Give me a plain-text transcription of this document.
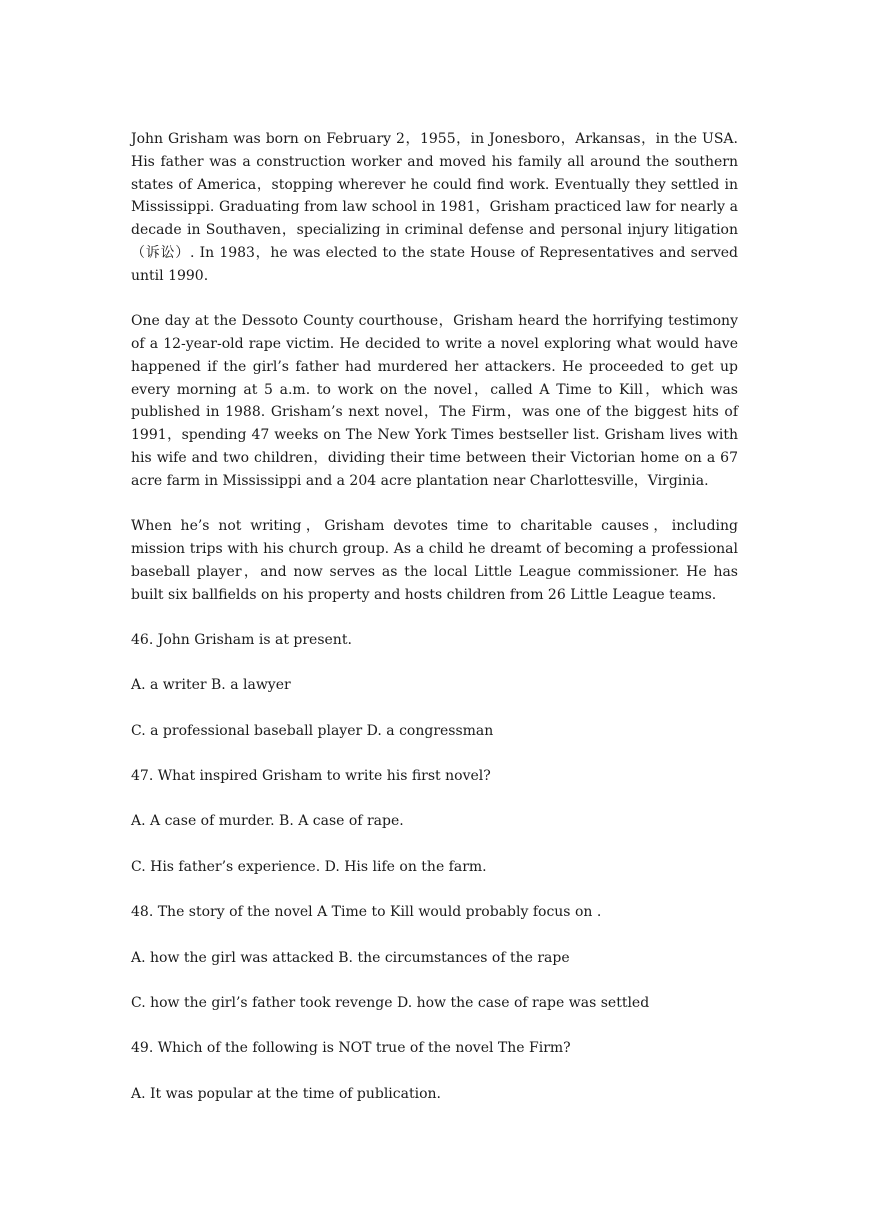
John Grisham was born on February 2，1955，in Jonesboro，Arkansas，in the USA. His father was a construction worker and moved his family all around the southern states of America，stopping wherever he could find work. Eventually they settled in Mississippi. Graduating from law school in 1981，Grisham practiced law for nearly a decade in Southaven，specializing in criminal defense and personal injury litigation（诉讼）. In 1983，he was elected to the state House of Representatives and served until 1990.

One day at the Dessoto County courthouse，Grisham heard the horrifying testimony of a 12-year-old rape victim. He decided to write a novel exploring what would have happened if the girl’s father had murdered her attackers. He proceeded to get up every morning at 5 a.m. to work on the novel，called A Time to Kill，which was published in 1988. Grisham’s next novel，The Firm，was one of the biggest hits of 1991，spending 47 weeks on The New York Times bestseller list. Grisham lives with his wife and two children，dividing their time between their Victorian home on a 67 acre farm in Mississippi and a 204 acre plantation near Charlottesville，Virginia.

When he’s not writing，Grisham devotes time to charitable causes，including mission trips with his church group. As a child he dreamt of becoming a professional baseball player，and now serves as the local Little League commissioner. He has built six ballfields on his property and hosts children from 26 Little League teams.

46. John Grisham is at present.
A. a writer B. a lawyer
C. a professional baseball player D. a congressman
47. What inspired Grisham to write his first novel?
A. A case of murder. B. A case of rape.
C. His father’s experience. D. His life on the farm.
48. The story of the novel A Time to Kill would probably focus on .
A. how the girl was attacked B. the circumstances of the rape
C. how the girl’s father took revenge D. how the case of rape was settled
49. Which of the following is NOT true of the novel The Firm?
A. It was popular at the time of publication.
